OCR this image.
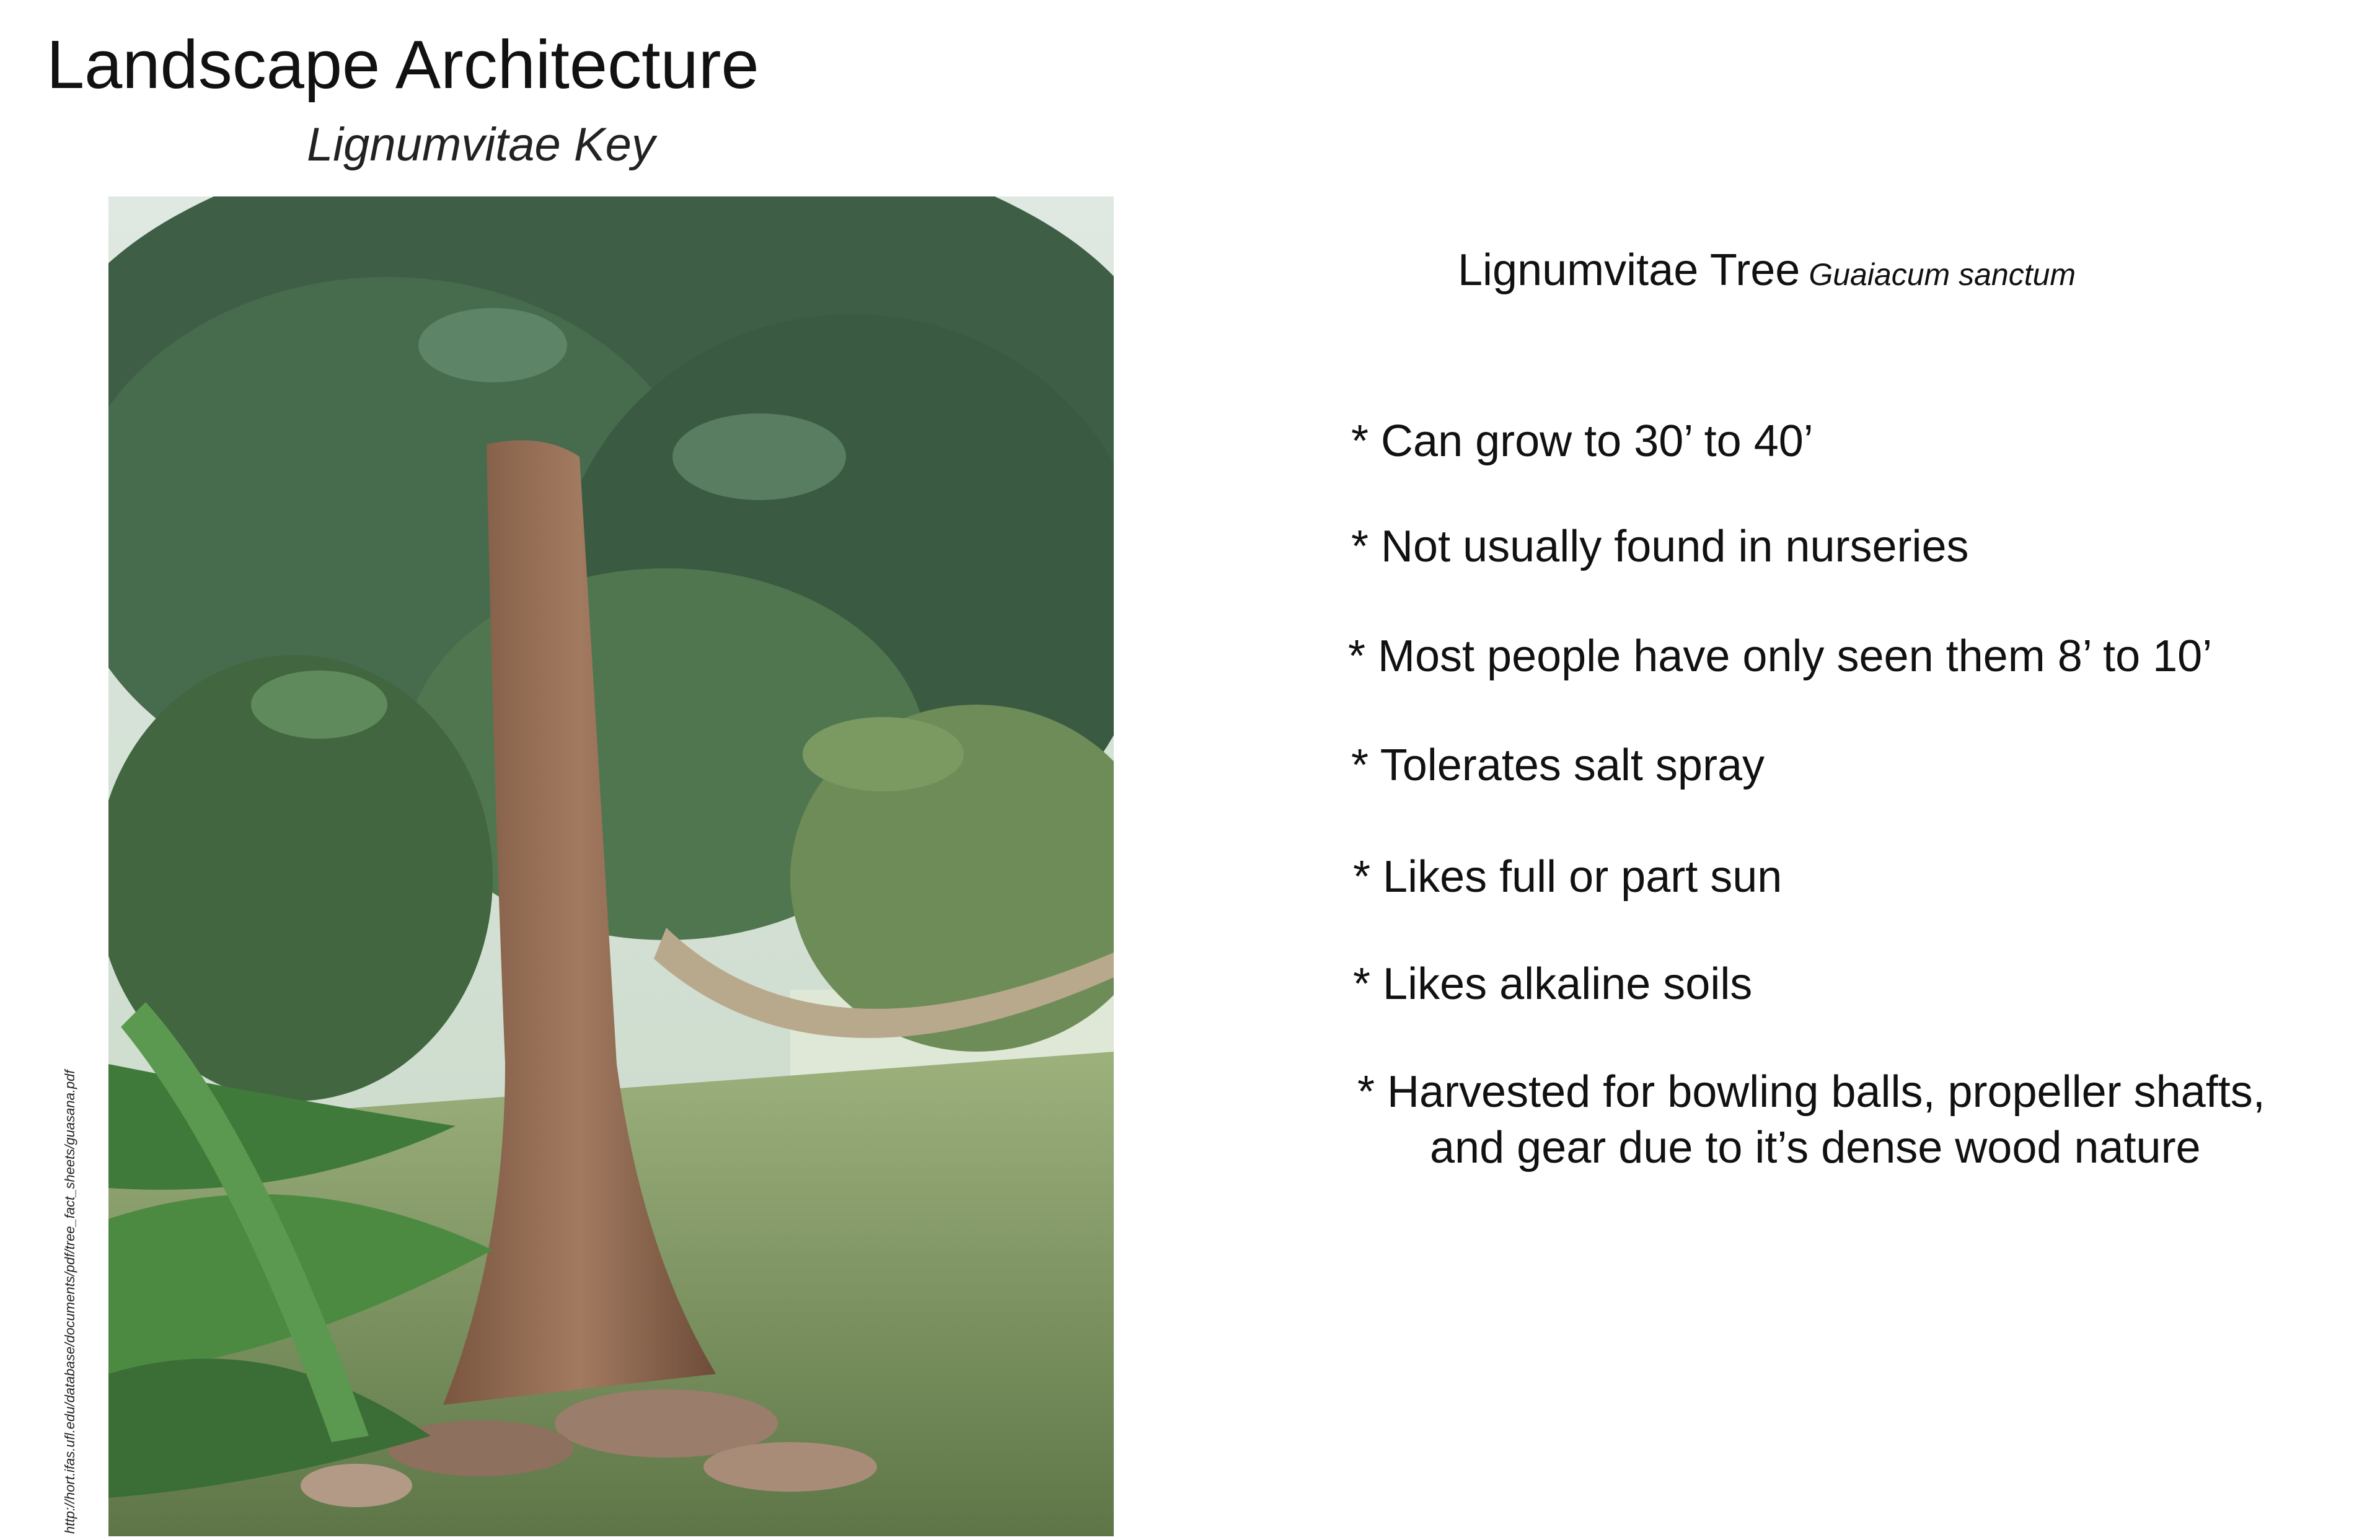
Landscape Architecture
Lignumvitae Key
http://hort.ifas.ufl.edu/database/documents/pdf/tree_fact_sheets/guasana.pdf
Lignumvitae Tree Guaiacum sanctum
* Can grow to 30’ to 40’
* Not usually found in nurseries
* Most people have only seen them 8’ to 10’
* Tolerates salt spray
* Likes full or part sun
* Likes alkaline soils
* Harvested for bowling balls, propeller shafts,
and gear due to it’s dense wood nature
